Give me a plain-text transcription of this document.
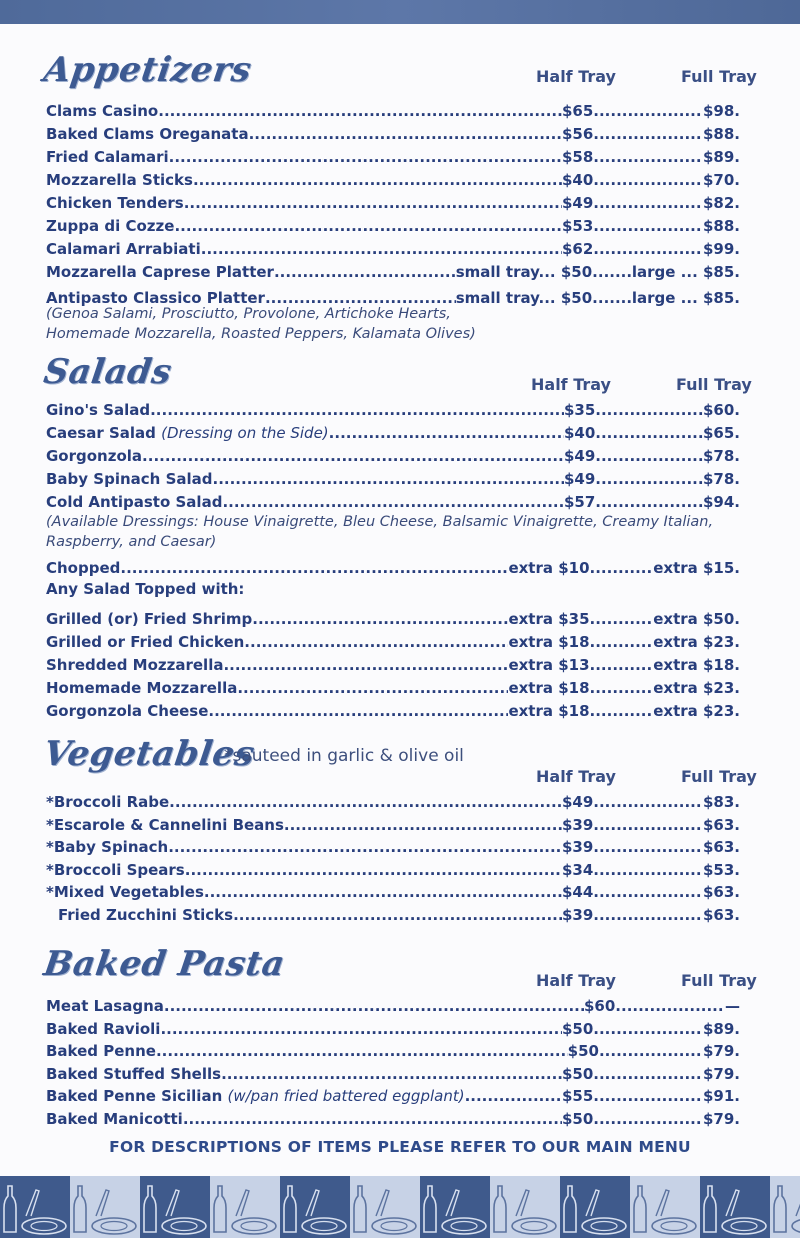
Appetizers	Half Tray	Full Tray
Clams Casino .....	$65. .....	$98.
Baked Clams Oreganata .....	$56. .....	$88.
Fried Calamari .....	$58. .....	$89.
Mozzarella Sticks .....	$40. .....	$70.
Chicken Tenders .....	$49. .....	$82.
Zuppa di Cozze .....	$53. .....	$88.
Calamari Arrabiati .....	$62. .....	$99.
Mozzarella Caprese Platter .....	small tray... $50. ..... large ... $85.
Antipasto Classico Platter .....	small tray... $50. ..... large ... $85.
(Genoa Salami, Prosciutto, Provolone, Artichoke Hearts, Homemade Mozzarella, Roasted Peppers, Kalamata Olives)
Salads	Half Tray	Full Tray
Gino's Salad .....	$35. .....	$60.
Caesar Salad (Dressing on the Side) .....	$40. .....	$65.
Gorgonzola .....	$49. .....	$78.
Baby Spinach Salad .....	$49. .....	$78.
Cold Antipasto Salad .....	$57. .....	$94.
(Available Dressings: House Vinaigrette, Bleu Cheese, Balsamic Vinaigrette, Creamy Italian, Raspberry, and Caesar)
Chopped .....	extra $10. .....	extra $15.
Any Salad Topped with:
Grilled (or) Fried Shrimp .....	extra $35. .....	extra $50.
Grilled or Fried Chicken .....	extra $18. .....	extra $23.
Shredded Mozzarella .....	extra $13. .....	extra $18.
Homemade Mozzarella .....	extra $18. .....	extra $23.
Gorgonzola Cheese .....	extra $18. .....	extra $23.
Vegetables
*sauteed in garlic & olive oil
Half Tray	Full Tray
*Broccoli Rabe .....	$49. .....	$83.
*Escarole & Cannelini Beans .....	$39. .....	$63.
*Baby Spinach .....	$39. .....	$63.
*Broccoli Spears .....	$34. .....	$53.
*Mixed Vegetables .....	$44. .....	$63.
Fried Zucchini Sticks .....	$39. .....	$63.
Baked Pasta	Half Tray	Full Tray
Meat Lasagna .....	$60. .....	—
Baked Ravioli .....	$50. .....	$89.
Baked Penne .....	$50 .....	$79.
Baked Stuffed Shells .....	$50. .....	$79.
Baked Penne Sicilian (w/pan fried battered eggplant) .....	$55. .....	$91.
Baked Manicotti .....	$50. .....	$79.
FOR DESCRIPTIONS OF ITEMS PLEASE REFER TO OUR MAIN MENU
